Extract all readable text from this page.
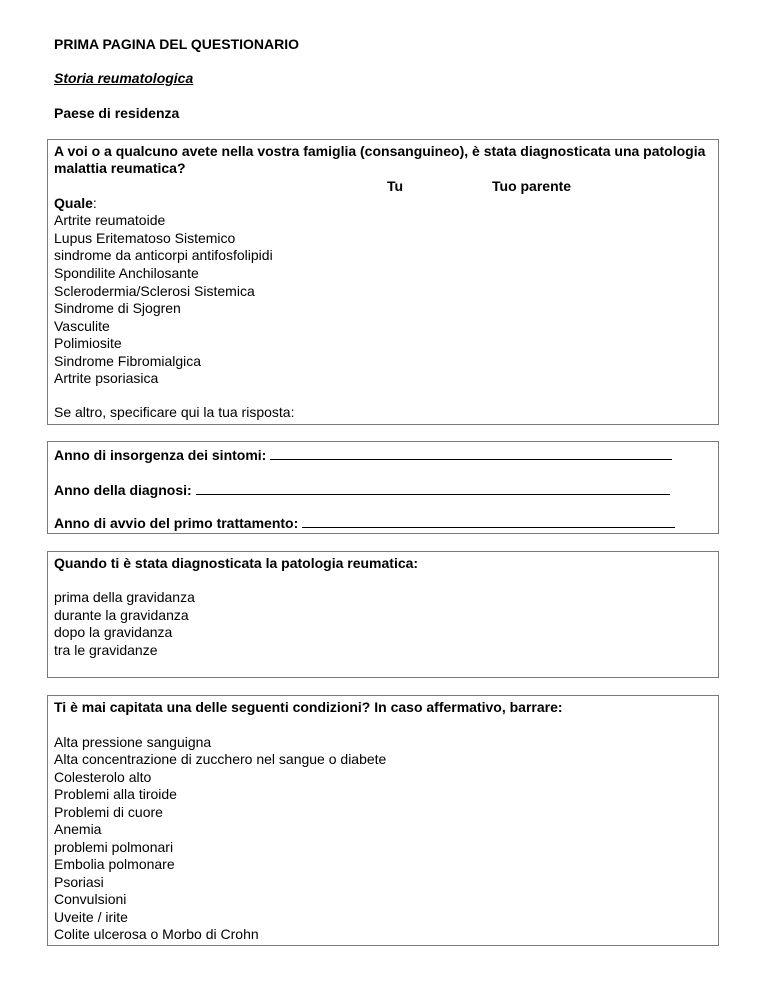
PRIMA PAGINA DEL QUESTIONARIO
Storia reumatologica
Paese di residenza
A voi o a qualcuno avete nella vostra famiglia (consanguineo), è stata diagnosticata una patologia
malattia reumatica?
Tu	Tuo parente
Quale:
Artrite reumatoide
Lupus Eritematoso Sistemico
sindrome da anticorpi antifosfolipidi
Spondilite Anchilosante
Sclerodermia/Sclerosi Sistemica
Sindrome di Sjogren
Vasculite
Polimiosite
Sindrome Fibromialgica
Artrite psoriasica
Se altro, specificare qui la tua risposta:
Anno di insorgenza dei sintomi:
Anno della diagnosi:
Anno di avvio del primo trattamento:
Quando ti è stata diagnosticata la patologia reumatica:
prima della gravidanza
durante la gravidanza
dopo la gravidanza
tra le gravidanze
Ti è mai capitata una delle seguenti condizioni? In caso affermativo, barrare:
Alta pressione sanguigna
Alta concentrazione di zucchero nel sangue o diabete
Colesterolo alto
Problemi alla tiroide
Problemi di cuore
Anemia
problemi polmonari
Embolia polmonare
Psoriasi
Convulsioni
Uveite / irite
Colite ulcerosa o Morbo di Crohn
